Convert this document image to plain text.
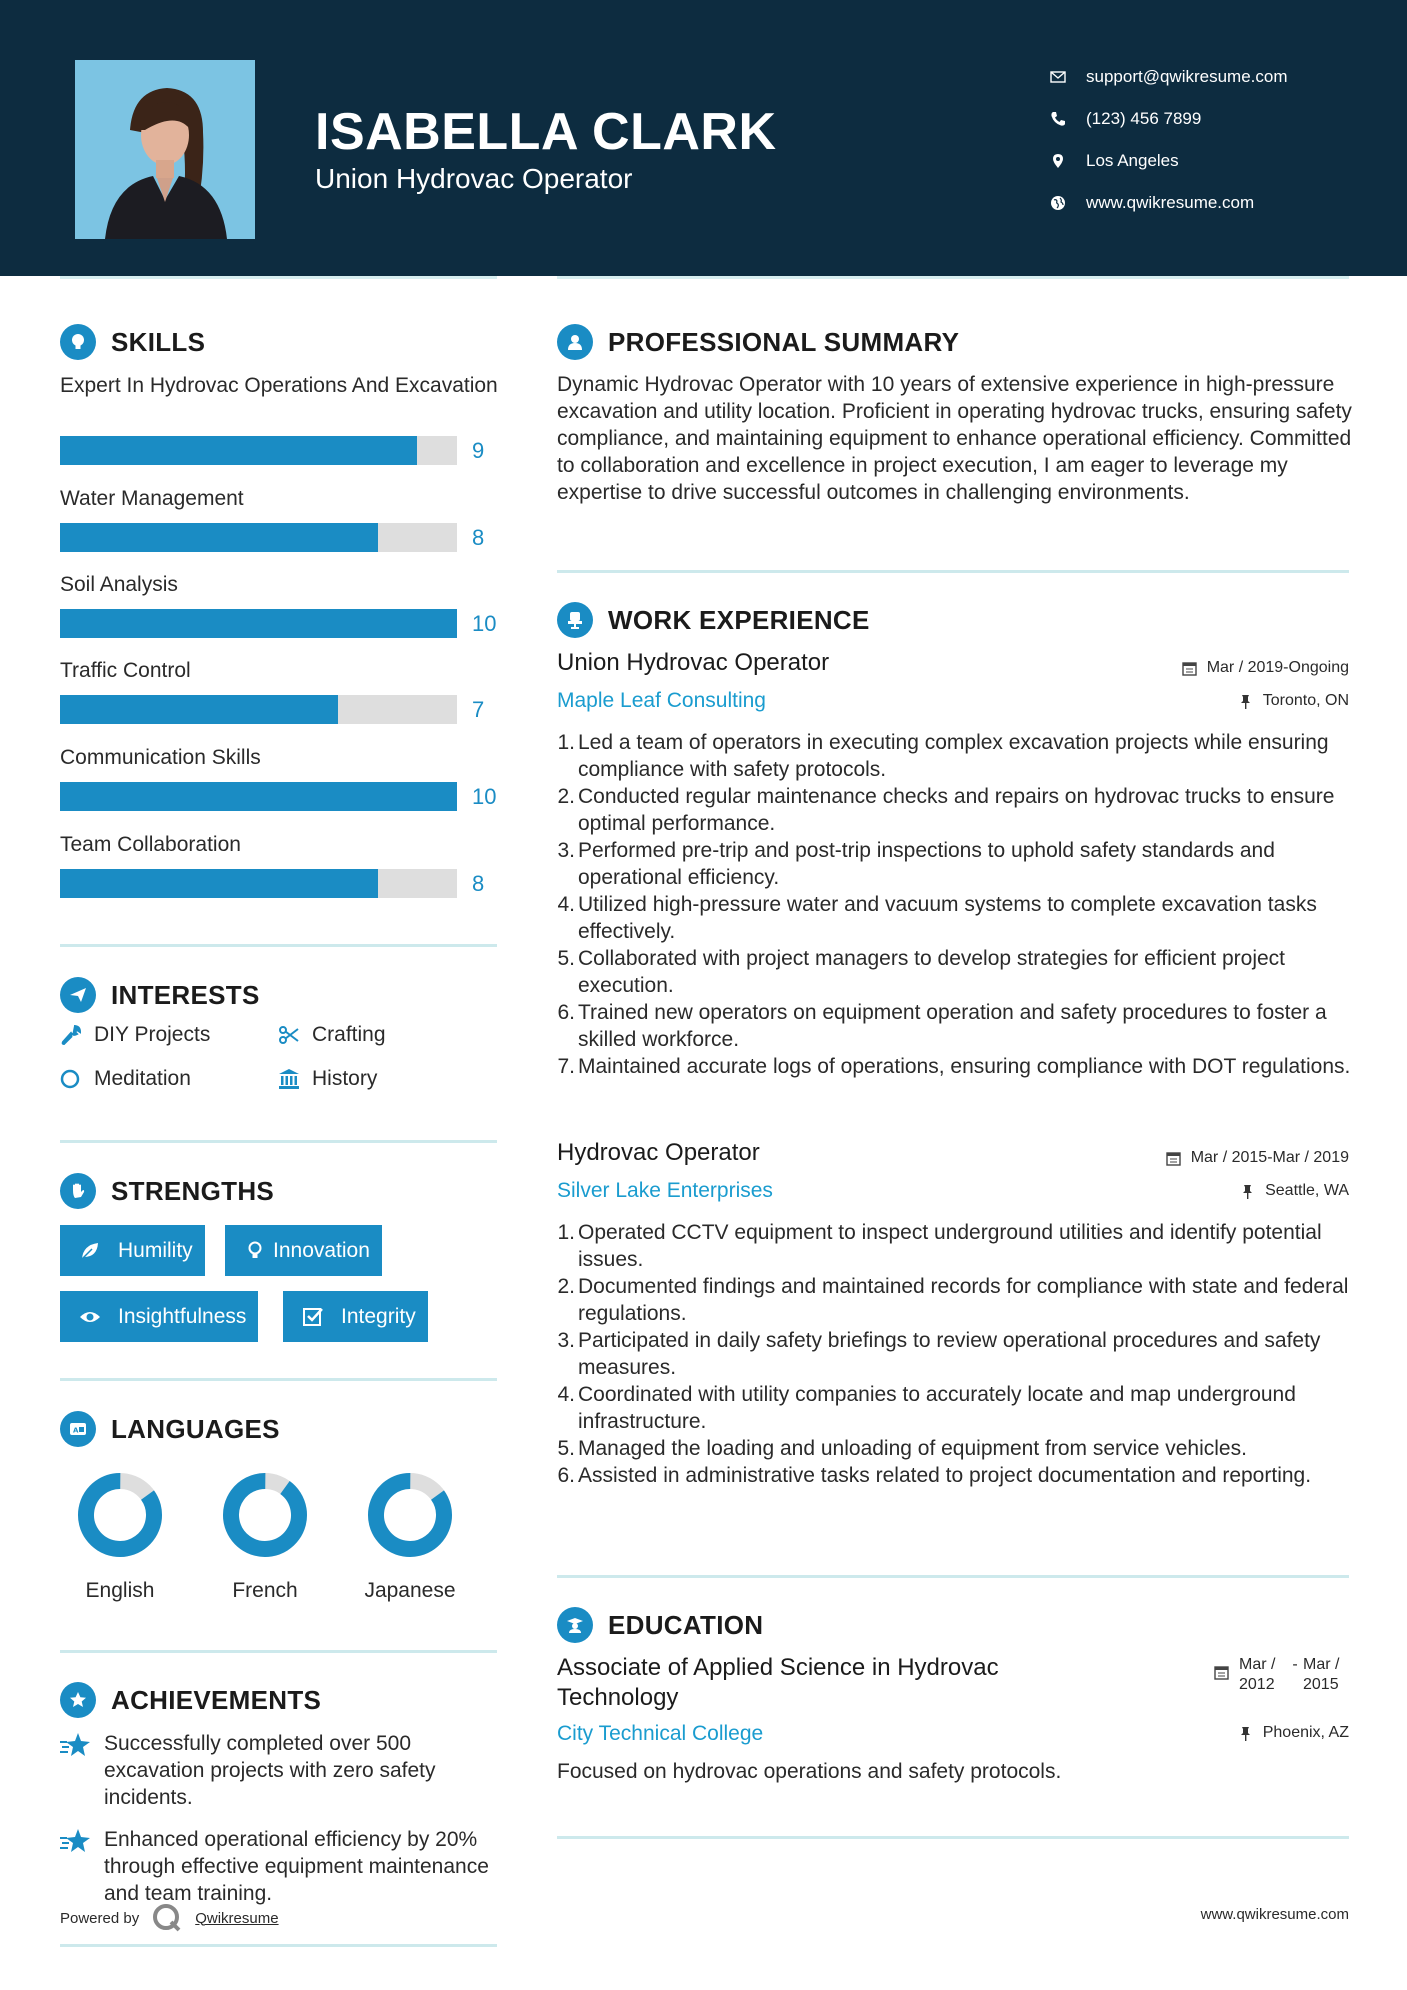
ISABELLA CLARK
Union Hydrovac Operator
support@qwikresume.com
(123) 456 7899
Los Angeles
www.qwikresume.com
SKILLS
Expert In Hydrovac Operations And Excavation
9
Water Management
8
Soil Analysis
10
Traffic Control
7
Communication Skills
10
Team Collaboration
8
INTERESTS
DIY Projects	Crafting
Meditation	History
STRENGTHS
Humility	Innovation
Insightfulness	Integrity
A LANGUAGES
English	French	Japanese
ACHIEVEMENTS
Successfully completed over 500 excavation projects with zero safety incidents.
Enhanced operational efficiency by 20% through effective equipment maintenance and team training.
PROFESSIONAL SUMMARY
Dynamic Hydrovac Operator with 10 years of extensive experience in high-pressure excavation and utility location. Proficient in operating hydrovac trucks, ensuring safety compliance, and maintaining equipment to enhance operational efficiency. Committed to collaboration and excellence in project execution, I am eager to leverage my expertise to drive successful outcomes in challenging environments.
WORK EXPERIENCE
Union Hydrovac Operator	Mar / 2019-Ongoing
Maple Leaf Consulting	Toronto, ON
1. Led a team of operators in executing complex excavation projects while ensuring compliance with safety protocols.
2. Conducted regular maintenance checks and repairs on hydrovac trucks to ensure optimal performance.
3. Performed pre-trip and post-trip inspections to uphold safety standards and operational efficiency.
4. Utilized high-pressure water and vacuum systems to complete excavation tasks effectively.
5. Collaborated with project managers to develop strategies for efficient project execution.
6. Trained new operators on equipment operation and safety procedures to foster a skilled workforce.
7. Maintained accurate logs of operations, ensuring compliance with DOT regulations.
Hydrovac Operator	Mar / 2015-Mar / 2019
Silver Lake Enterprises	Seattle, WA
1. Operated CCTV equipment to inspect underground utilities and identify potential issues.
2. Documented findings and maintained records for compliance with state and federal regulations.
3. Participated in daily safety briefings to review operational procedures and safety measures.
4. Coordinated with utility companies to accurately locate and map underground infrastructure.
5. Managed the loading and unloading of equipment from service vehicles.
6. Assisted in administrative tasks related to project documentation and reporting.
EDUCATION
Associate of Applied Science in Hydrovac Technology
Mar / 2012
- Mar / 2015
City Technical College	Phoenix, AZ
Focused on hydrovac operations and safety protocols.
Powered by	Qwikresume	www.qwikresume.com
